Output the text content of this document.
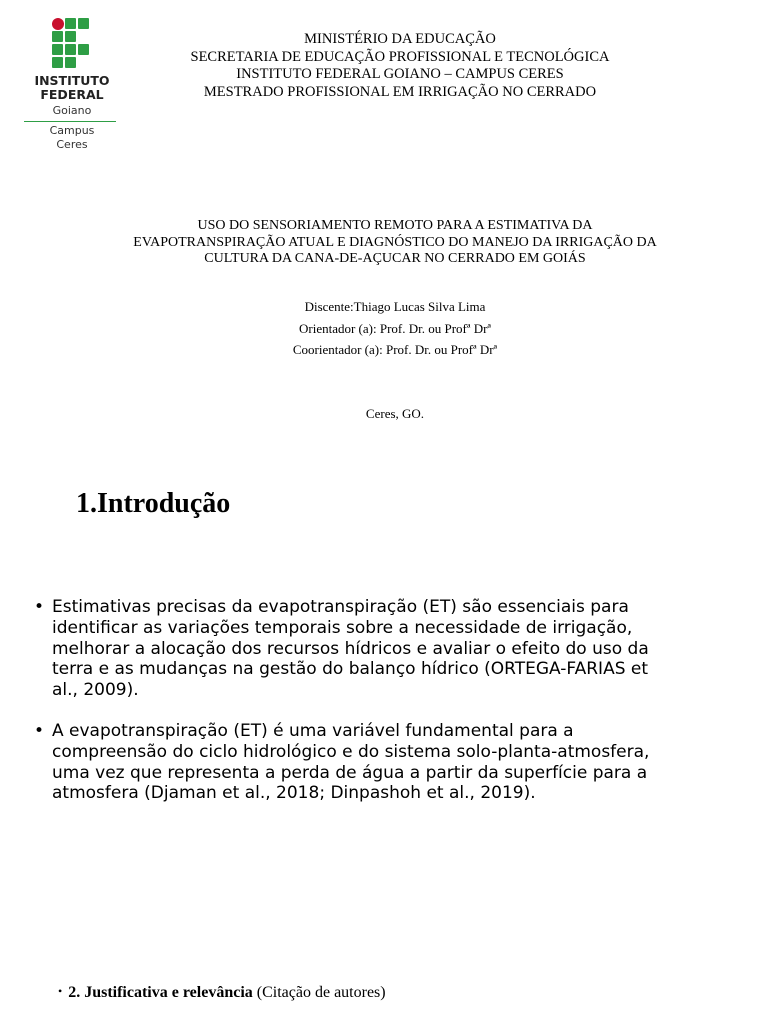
INSTITUTO
FEDERAL
Goiano
Campus
Ceres
MINISTÉRIO DA EDUCAÇÃO
SECRETARIA DE EDUCAÇÃO PROFISSIONAL E TECNOLÓGICA
INSTITUTO FEDERAL GOIANO – CAMPUS CERES
MESTRADO PROFISSIONAL EM IRRIGAÇÃO NO CERRADO
USO DO SENSORIAMENTO REMOTO PARA A ESTIMATIVA DA
EVAPOTRANSPIRAÇÃO ATUAL E DIAGNÓSTICO DO MANEJO DA IRRIGAÇÃO DA
CULTURA DA CANA-DE-AÇUCAR NO CERRADO EM GOIÁS
Discente:Thiago Lucas Silva Lima
Orientador (a): Prof. Dr. ou Profª Drª
Coorientador (a): Prof. Dr. ou Profª Drª
Ceres, GO.
1.Introdução
• Estimativas precisas da evapotranspiração (ET) são essenciais para identificar as variações temporais sobre a necessidade de irrigação, melhorar a alocação dos recursos hídricos e avaliar o efeito do uso da terra e as mudanças na gestão do balanço hídrico (ORTEGA-FARIAS et al., 2009).
• A evapotranspiração (ET) é uma variável fundamental para a compreensão do ciclo hidrológico e do sistema solo-planta-atmosfera, uma vez que representa a perda de água a partir da superfície para a atmosfera (Djaman et al., 2018; Dinpashoh et al., 2019).
• 2. Justificativa e relevância (Citação de autores)
